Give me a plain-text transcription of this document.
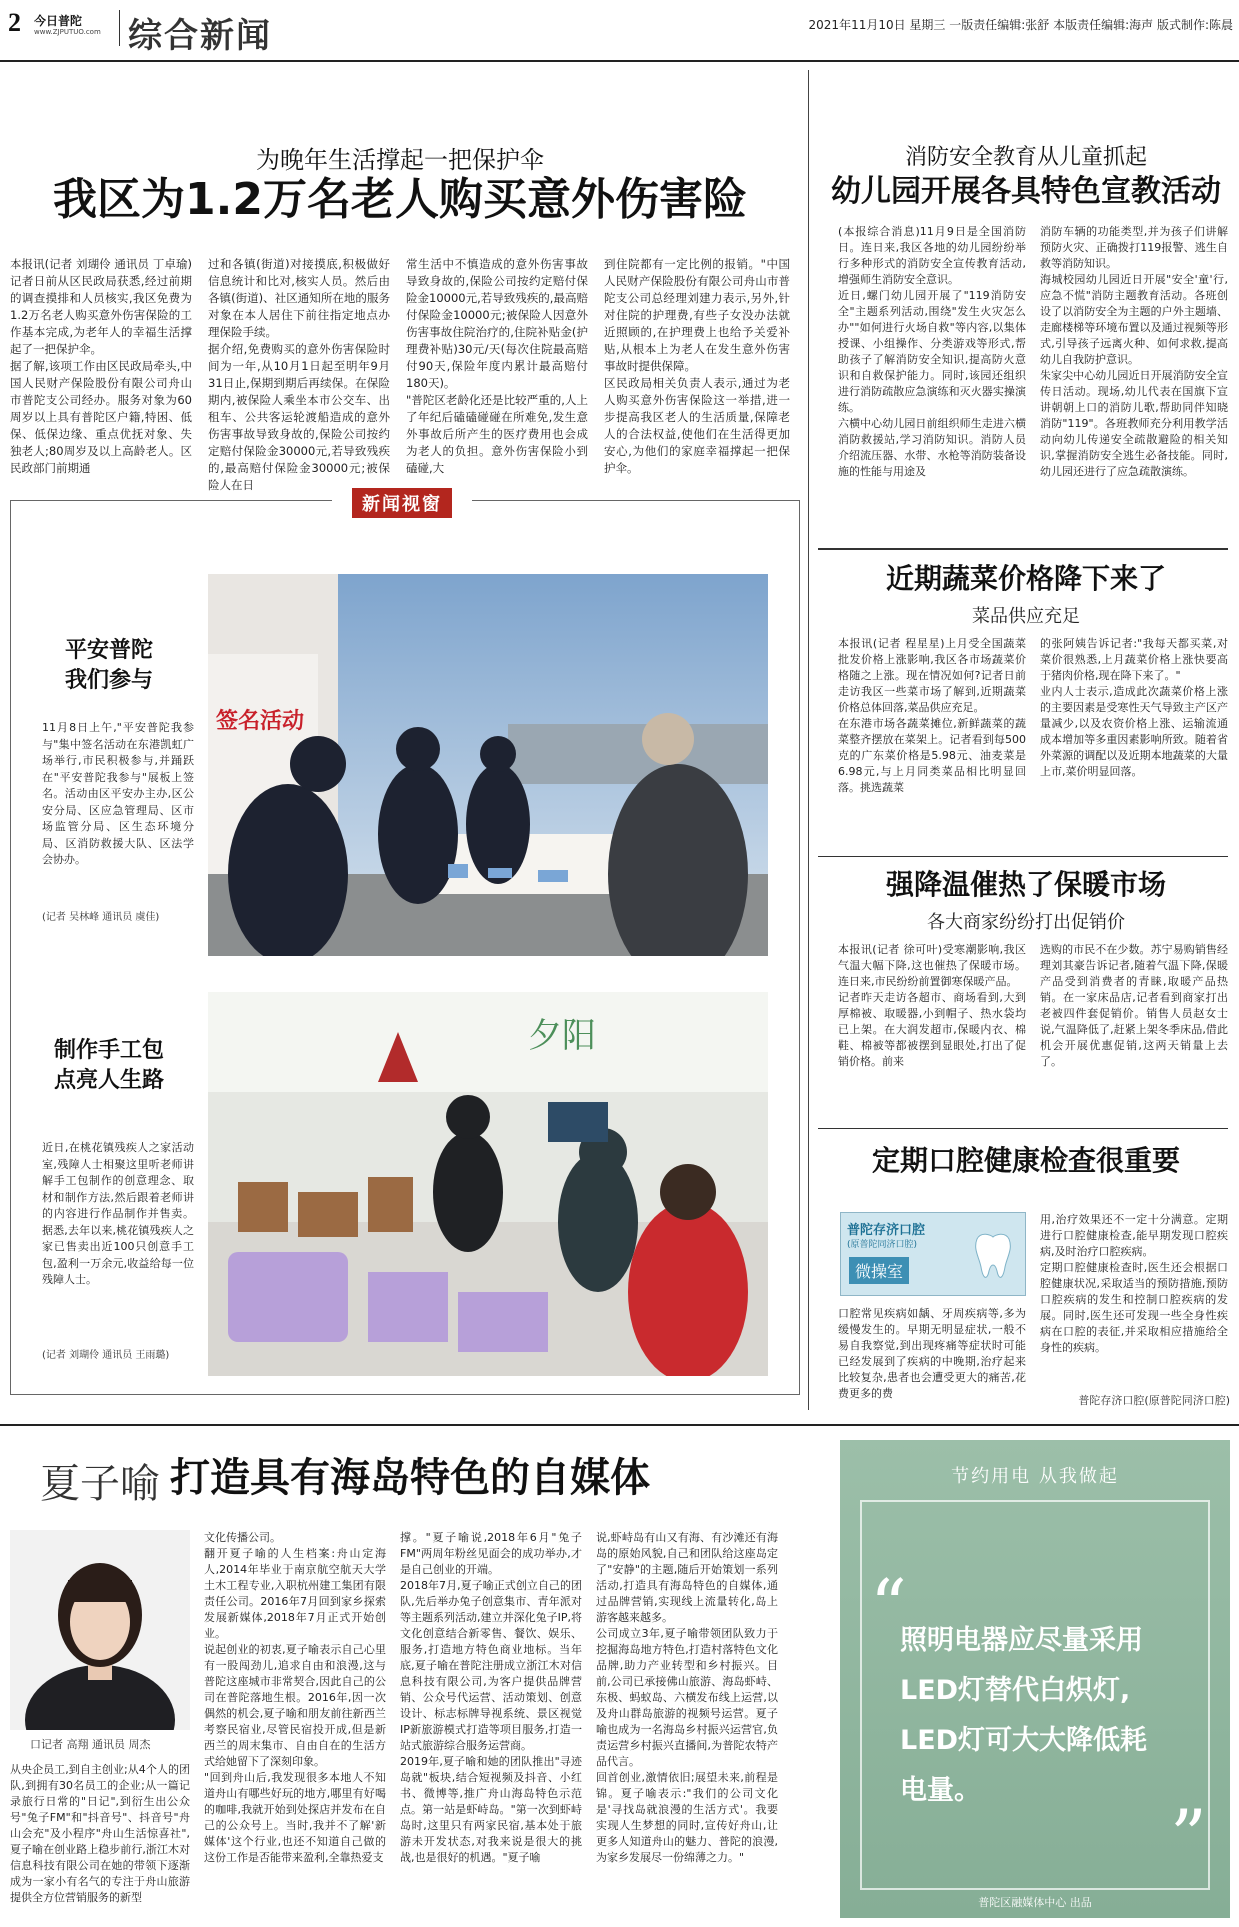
2 今日普陀
www.ZJPUTUO.com 综合新闻	2021年11月10日 星期三 一版责任编辑:张舒 本版责任编辑:海声 版式制作:陈晨
为晚年生活撑起一把保护伞
我区为1.2万名老人购买意外伤害险
本报讯(记者 刘瑚伶 通讯员 丁卓瑜)记者日前从区民政局获悉,经过前期的调查摸排和人员核实,我区免费为1.2万名老人购买意外伤害保险的工作基本完成,为老年人的幸福生活撑起了一把保护伞。
据了解,该项工作由区民政局牵头,中国人民财产保险股份有限公司舟山市普陀支公司经办。服务对象为60周岁以上具有普陀区户籍,特困、低保、低保边缘、重点优抚对象、失独老人;80周岁及以上高龄老人。区民政部门前期通
过和各镇(街道)对接摸底,积极做好信息统计和比对,核实人员。然后由各镇(街道)、社区通知所在地的服务对象在本人居住下前往指定地点办理保险手续。
据介绍,免费购买的意外伤害保险时间为一年,从10月1日起至明年9月31日止,保期到期后再续保。在保险期内,被保险人乘坐本市公交车、出租车、公共客运轮渡船造成的意外伤害事故导致身故的,保险公司按约定赔付保险金30000元,若导致残疾的,最高赔付保险金30000元;被保险人在日
常生活中不慎造成的意外伤害事故导致身故的,保险公司按约定赔付保险金10000元,若导致残疾的,最高赔付保险金10000元;被保险人因意外伤害事故住院治疗的,住院补贴金(护理费补贴)30元/天(每次住院最高赔付90天,保险年度内累计最高赔付180天)。
"普陀区老龄化还是比较严重的,人上了年纪后磕磕碰碰在所难免,发生意外事故后所产生的医疗费用也会成为老人的负担。意外伤害保险小到磕碰,大
到住院都有一定比例的报销。"中国人民财产保险股份有限公司舟山市普陀支公司总经理刘建力表示,另外,针对住院的护理费,有些子女没办法就近照顾的,在护理费上也给予关爱补贴,从根本上为老人在发生意外伤害事故时提供保障。
区民政局相关负责人表示,通过为老人购买意外伤害保险这一举措,进一步提高我区老人的生活质量,保障老人的合法权益,使他们在生活得更加安心,为他们的家庭幸福撑起一把保护伞。
消防安全教育从儿童抓起
幼儿园开展各具特色宣教活动
(本报综合消息)11月9日是全国消防日。连日来,我区各地的幼儿园纷纷举行多种形式的消防安全宣传教育活动,增强师生消防安全意识。
近日,螺门幼儿园开展了"119消防安全"主题系列活动,围绕"发生火灾怎么办""如何进行火场自救"等内容,以集体授课、小组操作、分类游戏等形式,帮助孩子了解消防安全知识,提高防火意识和自救保护能力。同时,该园还组织进行消防疏散应急演练和灭火器实操演练。
六横中心幼儿园日前组织师生走进六横消防救援站,学习消防知识。消防人员介绍流压器、水带、水枪等消防装备设施的性能与用途及
消防车辆的功能类型,并为孩子们讲解预防火灾、正确拨打119报警、逃生自救等消防知识。
海城校园幼儿园近日开展"安全'童'行,应急不慌"消防主题教育活动。各班创设了以消防安全为主题的户外主题墙、走廊楼梯等环境布置以及通过视频等形式,引导孩子远离火种、如何求救,提高幼儿自我防护意识。
朱家尖中心幼儿园近日开展消防安全宣传日活动。现场,幼儿代表在国旗下宣讲朝朝上口的消防儿歌,帮助同伴知晓消防"119"。各班教师充分利用教学活动向幼儿传递安全疏散避险的相关知识,掌握消防安全逃生必备技能。同时,幼儿园还进行了应急疏散演练。
新闻视窗
平安普陀
我们参与
11月8日上午,"平安普陀我参与"集中签名活动在东港凯虹广场举行,市民积极参与,并踊跃在"平安普陀我参与"展板上签名。活动由区平安办主办,区公安分局、区应急管理局、区市场监管分局、区生态环境分局、区消防救援大队、区法学会协办。
(记者 吴林峰 通讯员 虞佳)
签名活动
制作手工包
点亮人生路
近日,在桃花镇残疾人之家活动室,残障人士相聚这里听老师讲解手工包制作的创意理念、取材和制作方法,然后跟着老师讲的内容进行作品制作并售卖。据悉,去年以来,桃花镇残疾人之家已售卖出近100只创意手工包,盈利一万余元,收益给每一位残障人士。
(记者 刘瑚伶 通讯员 王雨璐)
夕阳
近期蔬菜价格降下来了
菜品供应充足
本报讯(记者 程星星)上月受全国蔬菜批发价格上涨影响,我区各市场蔬菜价格随之上涨。现在情况如何?记者日前走访我区一些菜市场了解到,近期蔬菜价格总体回落,菜品供应充足。
在东港市场各蔬菜摊位,新鲜蔬菜的蔬菜整齐摆放在菜架上。记者看到每500克的广东菜价格是5.98元、油麦菜是6.98元,与上月同类菜品相比明显回落。挑选蔬菜
的张阿姨告诉记者:"我每天都买菜,对菜价很熟悉,上月蔬菜价格上涨快要高于猪肉价格,现在降下来了。"
业内人士表示,造成此次蔬菜价格上涨的主要因素是受寒性天气导致主产区产量减少,以及农资价格上涨、运输流通成本增加等多重因素影响所致。随着省外菜源的调配以及近期本地蔬菜的大量上市,菜价明显回落。
强降温催热了保暖市场
各大商家纷纷打出促销价
本报讯(记者 徐可叶)受寒潮影响,我区气温大幅下降,这也催热了保暖市场。连日来,市民纷纷前置御寒保暖产品。
记者昨天走访各超市、商场看到,大到厚棉被、取暖器,小到帽子、热水袋均已上架。在大润发超市,保暖内衣、棉鞋、棉被等都被摆到显眼处,打出了促销价格。前来
选购的市民不在少数。苏宁易购销售经理刘其豪告诉记者,随着气温下降,保暖产品受到消费者的青睐,取暖产品热销。在一家床品店,记者看到商家打出老被四件套促销价。销售人员赵女士说,气温降低了,赶紧上架冬季床品,借此机会开展优惠促销,这两天销量上去了。
定期口腔健康检查很重要
普陀存济口腔
(原普陀同济口腔)
微操室
口腔常见疾病如龋、牙周疾病等,多为缓慢发生的。早期无明显症状,一般不易自我察觉,到出现疼痛等症状时可能已经发展到了疾病的中晚期,治疗起来比较复杂,患者也会遭受更大的痛苦,花费更多的费
用,治疗效果还不一定十分满意。定期进行口腔健康检查,能早期发现口腔疾病,及时治疗口腔疾病。
定期口腔健康检查时,医生还会根据口腔健康状况,采取适当的预防措施,预防口腔疾病的发生和控制口腔疾病的发展。同时,医生还可发现一些全身性疾病在口腔的表征,并采取相应措施给全身性的疾病。
普陀存济口腔(原普陀同济口腔)
夏子喻 打造具有海岛特色的自媒体
口记者 高翔 通讯员 周杰
从央企员工,到自主创业;从4个人的团队,到拥有30名员工的企业;从一篇记录旅行日常的"日记",到衍生出公众号"兔子FM"和"抖音号"、抖音号"舟山会充"及小程序"舟山生活惊喜社",夏子喻在创业路上稳步前行,浙江木对信息科技有限公司在她的带领下逐渐成为一家小有名气的专注于舟山旅游提供全方位营销服务的新型
文化传播公司。
翻开夏子喻的人生档案:舟山定海人,2014年毕业于南京航空航天大学土木工程专业,入职杭州建工集团有限责任公司。2016年7月回到家乡探索发展新媒体,2018年7月正式开始创业。
说起创业的初衷,夏子喻表示自己心里有一股闯劲儿,追求自由和浪漫,这与普陀这座城市非常契合,因此自己的公司在普陀落地生根。2016年,因一次偶然的机会,夏子喻和朋友前往新西兰考察民宿业,尽管民宿投开成,但是新西兰的周末集市、自由自在的生活方式给她留下了深刻印象。
"回到舟山后,我发现很多本地人不知道舟山有哪些好玩的地方,哪里有好喝的咖啡,我就开始到处探店并发布在自己的公众号上。当时,我并不了解'新媒体'这个行业,也还不知道自己做的这份工作是否能带来盈利,全靠热爱支
撑。"夏子喻说,2018年6月"兔子FM"两周年粉丝见面会的成功举办,才是自己创业的开端。
2018年7月,夏子喻正式创立自己的团队,先后举办兔子创意集市、青年派对等主题系列活动,建立并深化兔子IP,将文化创意结合新零售、餐饮、娱乐、服务,打造地方特色商业地标。当年底,夏子喻在普陀注册成立浙江木对信息科技有限公司,为客户提供品牌营销、公众号代运营、活动策划、创意设计、标志标牌导视系统、景区视觉IP新旅游模式打造等项目服务,打造一站式旅游综合服务运营商。
2019年,夏子喻和她的团队推出"寻迹岛就"板块,结合短视频及抖音、小红书、微博等,推广舟山海岛特色示范点。第一站是虾峙岛。"第一次到虾峙岛时,这里只有两家民宿,基本处于旅游未开发状态,对我来说是很大的挑战,也是很好的机遇。"夏子喻
说,虾峙岛有山又有海、有沙滩还有海岛的原始风貌,自己和团队给这座岛定了"安静"的主题,随后开始策划一系列活动,打造具有海岛特色的自媒体,通过品牌营销,实现线上流量转化,岛上游客越来越多。
公司成立3年,夏子喻带领团队致力于挖掘海岛地方特色,打造村落特色文化品牌,助力产业转型和乡村振兴。目前,公司已承接佛山旅游、海岛虾峙、东极、蚂蚁岛、六横发布线上运营,以及舟山群岛旅游的视频号运营。夏子喻也成为一名海岛乡村振兴运营官,负责运营乡村振兴直播间,为普陀农特产品代言。
回首创业,激情依旧;展望未来,前程是锦。夏子喻表示:"我们的公司文化是'寻找岛就浪漫的生活方式'。我要实现人生梦想的同时,宣传好舟山,让更多人知道舟山的魅力、普陀的浪漫,为家乡发展尽一份绵薄之力。"
节约用电 从我做起
“
照明电器应尽量采用
LED灯替代白炽灯,
LED灯可大大降低耗
电量。
”
普陀区融媒体中心 出品
